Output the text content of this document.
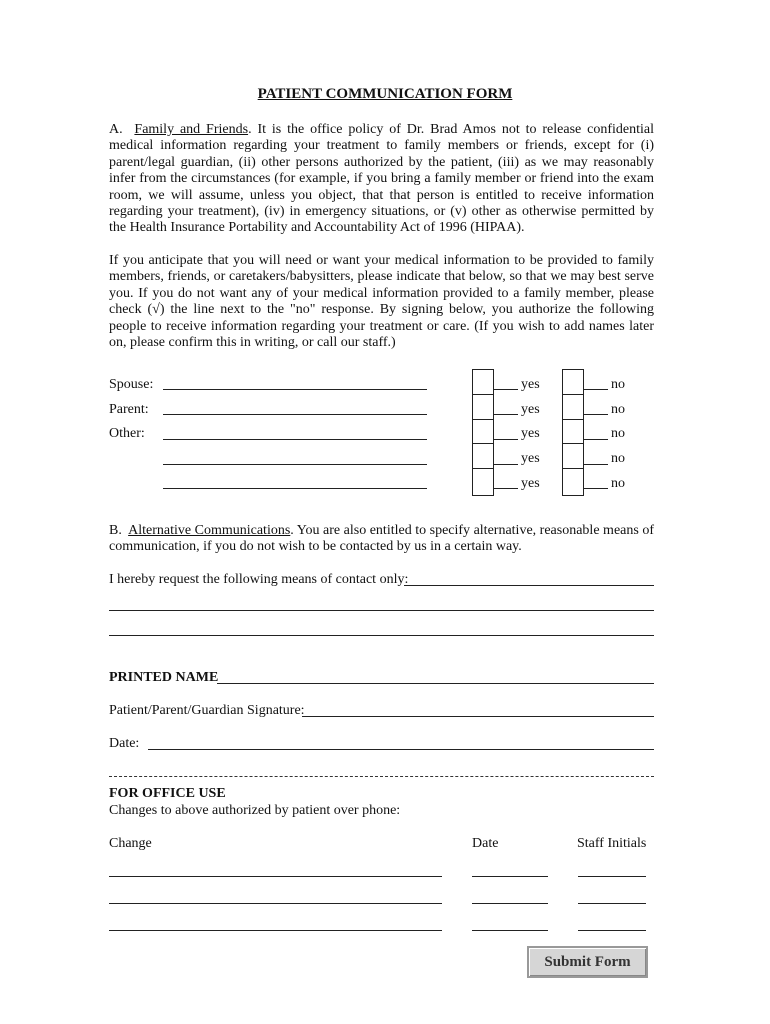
PATIENT COMMUNICATION FORM
A. Family and Friends. It is the office policy of Dr. Brad Amos not to release confidential medical information regarding your treatment to family members or friends, except for (i) parent/legal guardian, (ii) other persons authorized by the patient, (iii) as we may reasonably infer from the circumstances (for example, if you bring a family member or friend into the exam room, we will assume, unless you object, that that person is entitled to receive information regarding your treatment), (iv) in emergency situations, or (v) other as otherwise permitted by the Health Insurance Portability and Accountability Act of 1996 (HIPAA).
If you anticipate that you will need or want your medical information to be provided to family members, friends, or caretakers/babysitters, please indicate that below, so that we may best serve you. If you do not want any of your medical information provided to a family member, please check (√) the line next to the "no" response. By signing below, you authorize the following people to receive information regarding your treatment or care. (If you wish to add names later on, please confirm this in writing, or call our staff.)
Spouse:
Parent:
Other:
yes
yes
yes
yes
yes
no
no
no
no
no
B. Alternative Communications. You are also entitled to specify alternative, reasonable means of communication, if you do not wish to be contacted by us in a certain way.
I hereby request the following means of contact only:
PRINTED NAME
Patient/Parent/Guardian Signature:
Date:
FOR OFFICE USE
Changes to above authorized by patient over phone:
Change	Date	Staff Initials
Submit Form
